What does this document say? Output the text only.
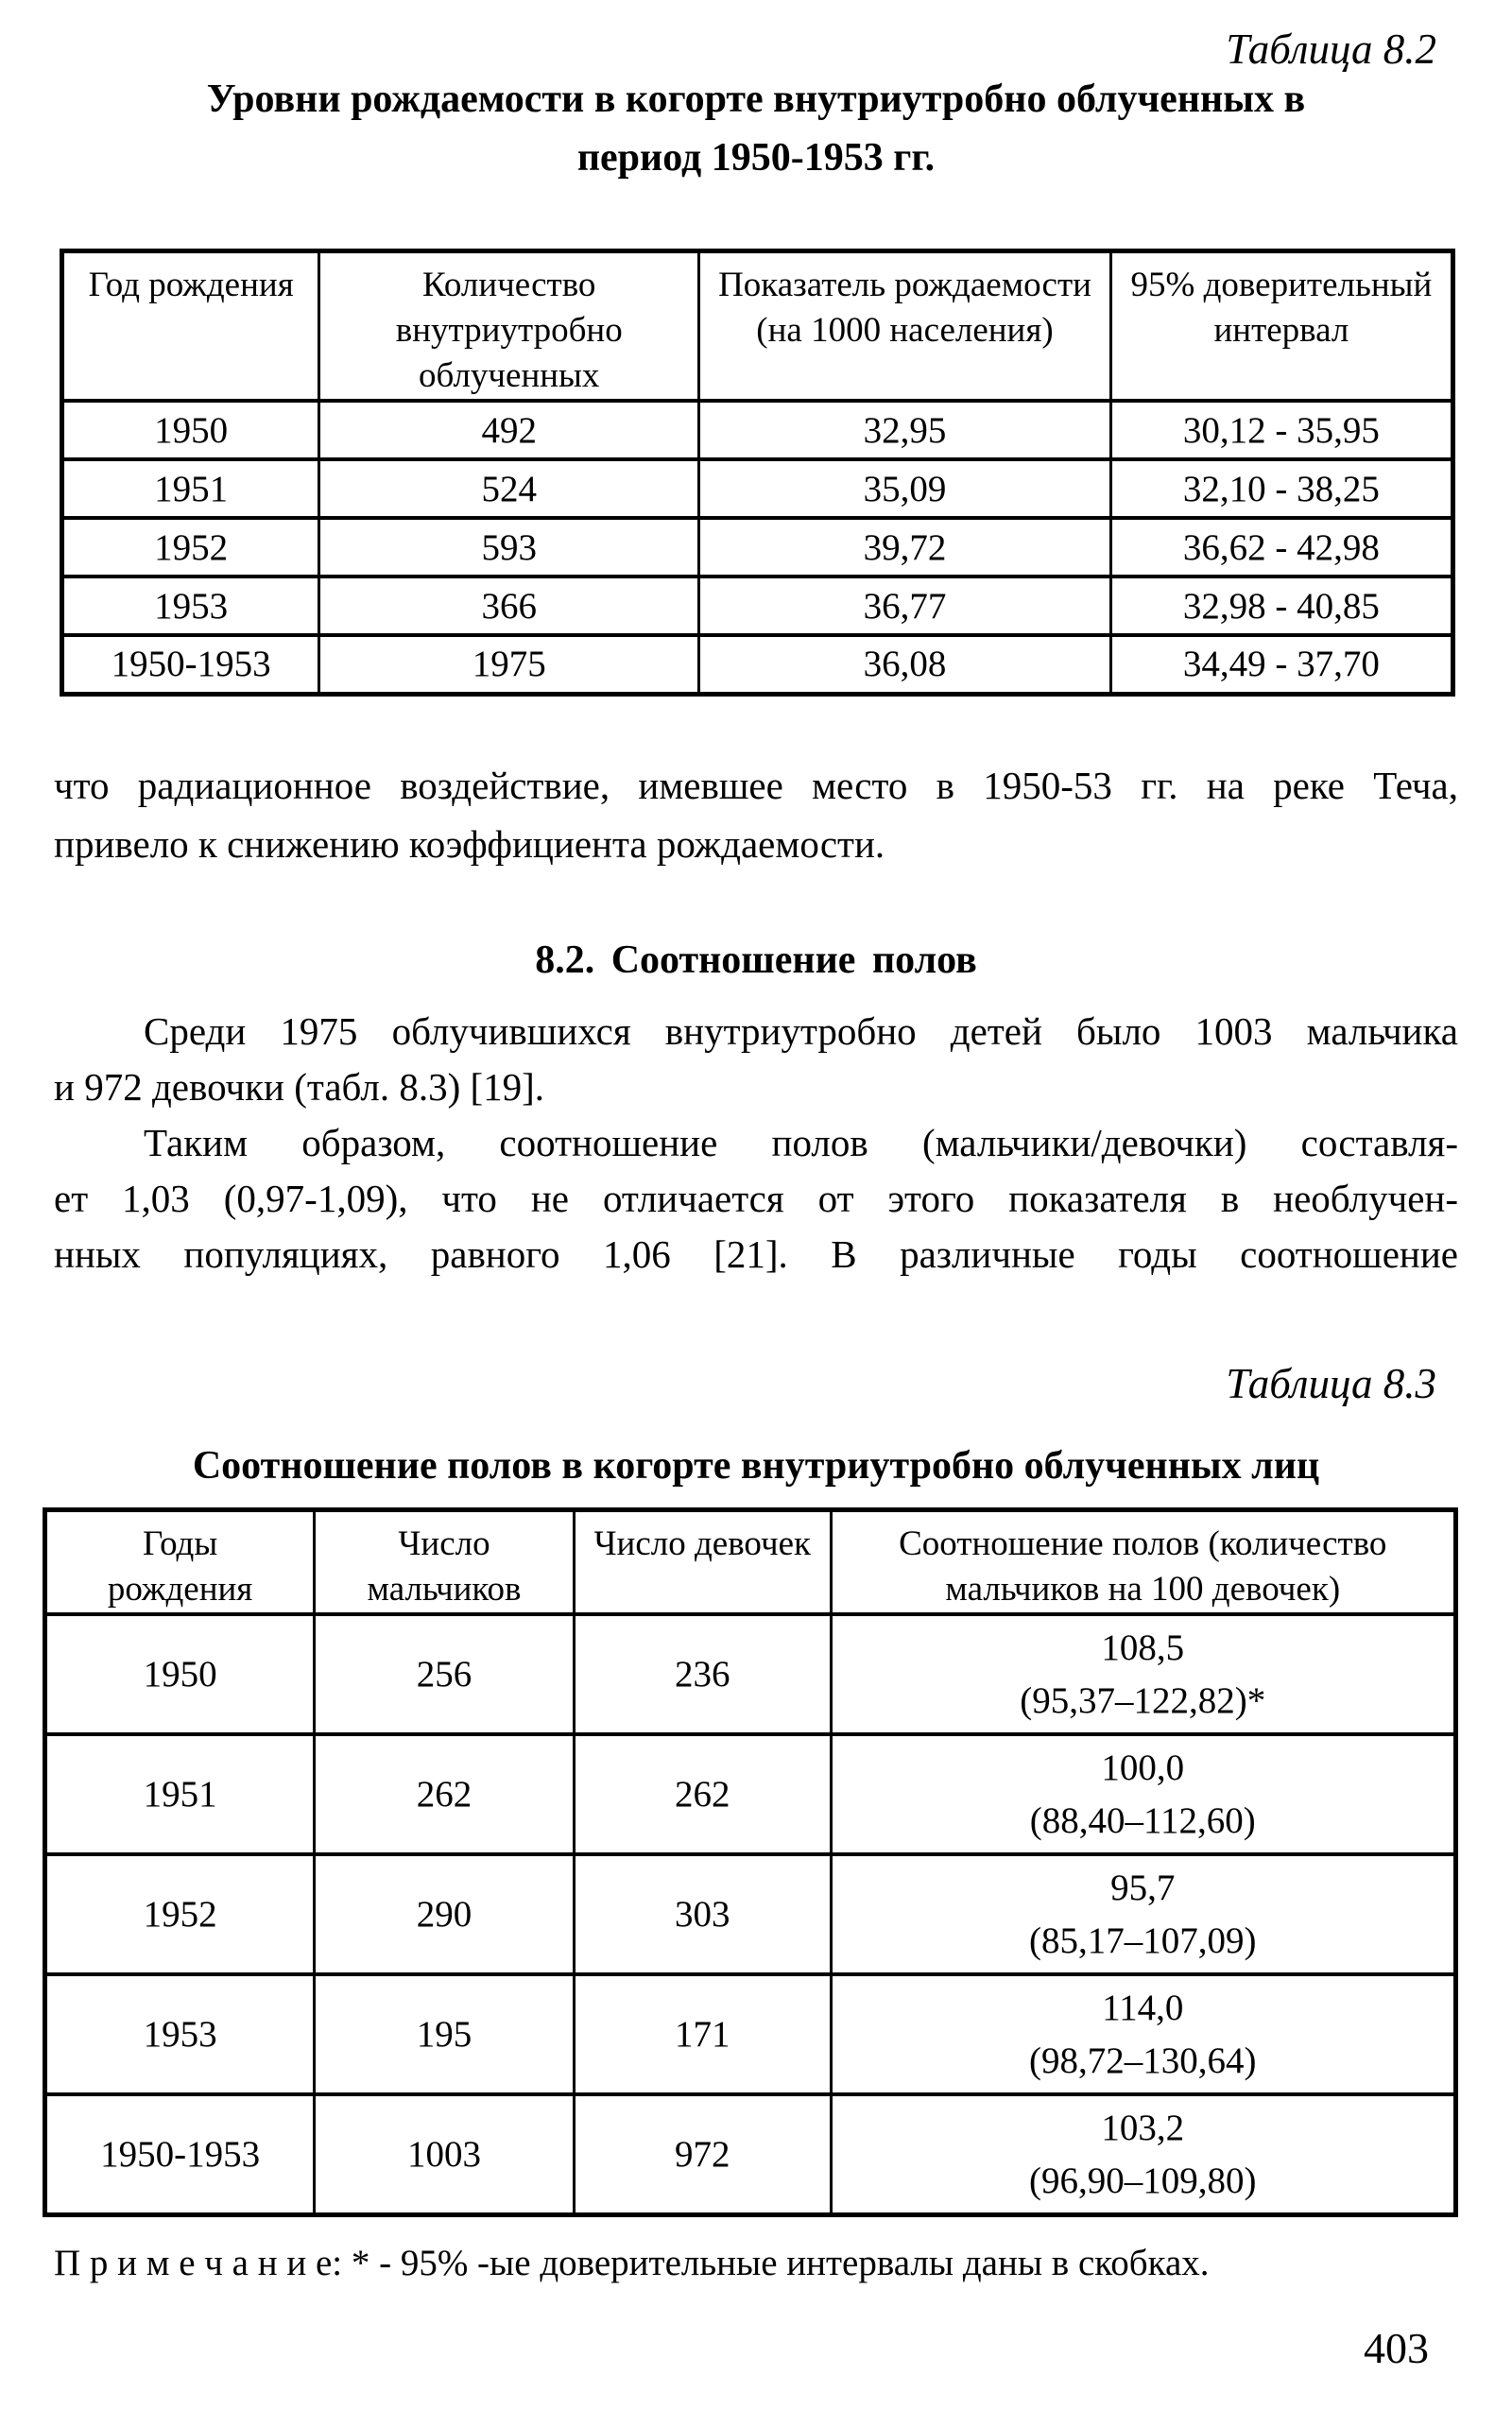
Таблица 8.2
Уровни рождаемости в когорте внутриутробно облученных в
период 1950-1953 гг.
Год рождения	Количество внутриутробно облученных	Показатель рождаемости (на 1000 населения)	95% доверительный интервал
1950	492	32,95	30,12 - 35,95
1951	524	35,09	32,10 - 38,25
1952	593	39,72	36,62 - 42,98
1953	366	36,77	32,98 - 40,85
1950-1953	1975	36,08	34,49 - 37,70
что радиационное воздействие, имевшее место в 1950-53 гг. на реке Теча,
привело к снижению коэффициента рождаемости.
8.2. Соотношение полов
Среди 1975 облучившихся внутриутробно детей было 1003 мальчика
и 972 девочки (табл. 8.3) [19].
Таким образом, соотношение полов (мальчики/девочки) составля-
ет 1,03 (0,97-1,09), что не отличается от этого показателя в необлучен-
нных популяциях, равного 1,06 [21]. В различные годы соотношение
Таблица 8.3
Соотношение полов в когорте внутриутробно облученных лиц
Годы рождения	Число мальчиков	Число девочек	Соотношение полов (количество мальчиков на 100 девочек)
1950	256	236	108,5
(95,37–122,82)*

1951	262	262	100,0
(88,40–112,60)

1952	290	303	95,7
(85,17–107,09)

1953	195	171	114,0
(98,72–130,64)

1950-1953	1003	972	103,2
(96,90–109,80)
П р и м е ч а н и е: * - 95% -ые доверительные интервалы даны в скобках.
403
